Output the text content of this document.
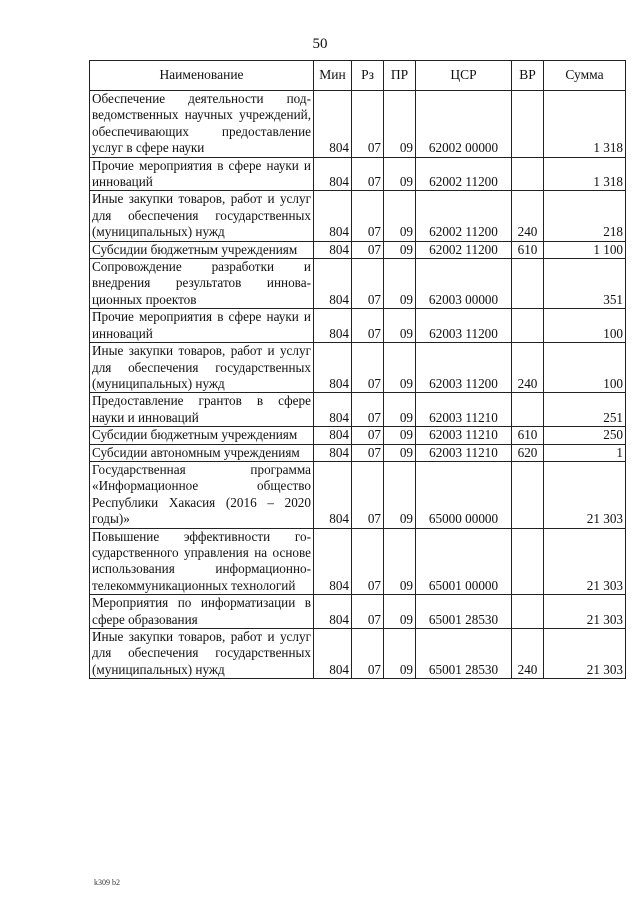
50
Наименование	Мин	Рз	ПР	ЦСР	ВР	Сумма
Обеспечение деятельности подведомственных научных учреждений, обеспечивающих предоставление услуг в сфере науки	804	07	09	62002 00000		1 318
Прочие мероприятия в сфере науки и инноваций	804	07	09	62002 11200		1 318
Иные закупки товаров, работ и услуг для обеспечения государственных (муниципальных) нужд	804	07	09	62002 11200	240	218
Субсидии бюджетным учреждениям	804	07	09	62002 11200	610	1 100
Сопровождение разработки и внедрения результатов инновационных проектов	804	07	09	62003 00000		351
Прочие мероприятия в сфере науки и инноваций	804	07	09	62003 11200		100
Иные закупки товаров, работ и услуг для обеспечения государственных (муниципальных) нужд	804	07	09	62003 11200	240	100
Предоставление грантов в сфере науки и инноваций	804	07	09	62003 11210		251
Субсидии бюджетным учреждениям	804	07	09	62003 11210	610	250
Субсидии автономным учреждениям	804	07	09	62003 11210	620	1
Государственная программа «Информационное общество Республики Хакасия (2016 – 2020 годы)»	804	07	09	65000 00000		21 303
Повышение эффективности государственного управления на основе использования информационно-телекоммуникационных технологий	804	07	09	65001 00000		21 303
Мероприятия по информатизации в сфере образования	804	07	09	65001 28530		21 303
Иные закупки товаров, работ и услуг для обеспечения государственных (муниципальных) нужд	804	07	09	65001 28530	240	21 303
k309 b2
